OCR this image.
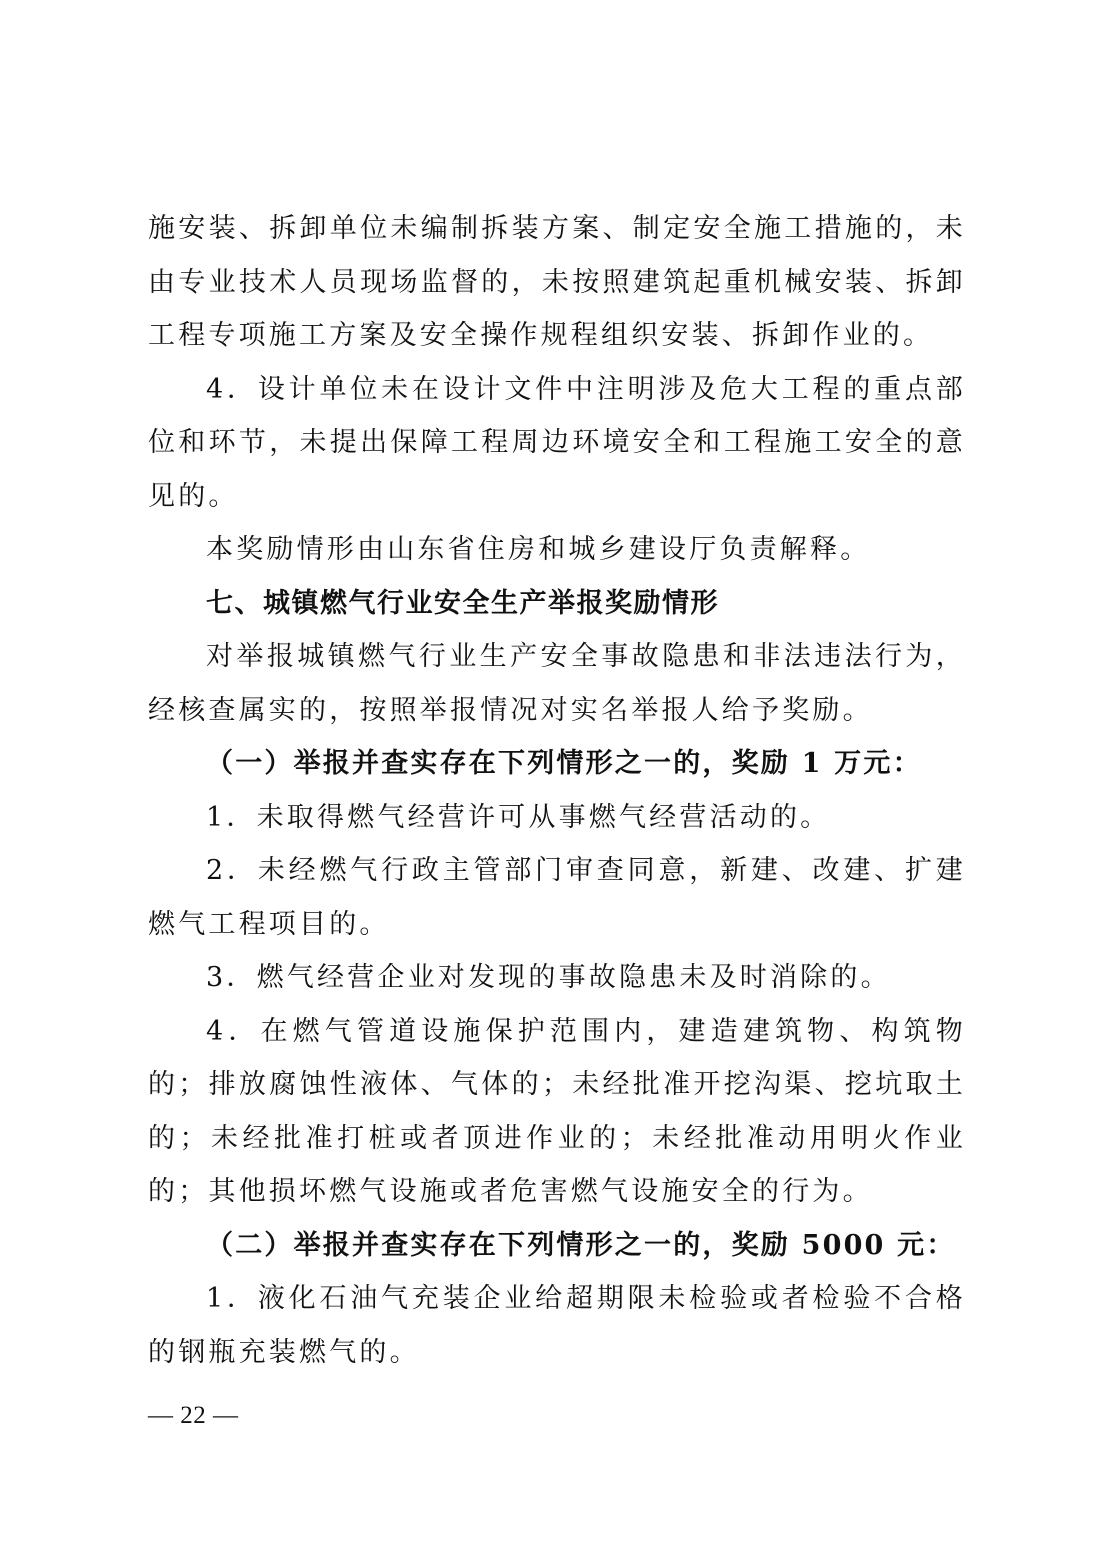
施安装、拆卸单位未编制拆装方案、制定安全施工措施的，未由专业技术人员现场监督的，未按照建筑起重机械安装、拆卸工程专项施工方案及安全操作规程组织安装、拆卸作业的。

4．设计单位未在设计文件中注明涉及危大工程的重点部位和环节，未提出保障工程周边环境安全和工程施工安全的意见的。

本奖励情形由山东省住房和城乡建设厅负责解释。

七、城镇燃气行业安全生产举报奖励情形

对举报城镇燃气行业生产安全事故隐患和非法违法行为，经核查属实的，按照举报情况对实名举报人给予奖励。

（一）举报并查实存在下列情形之一的，奖励 1 万元：

1．未取得燃气经营许可从事燃气经营活动的。

2．未经燃气行政主管部门审查同意，新建、改建、扩建燃气工程项目的。

3．燃气经营企业对发现的事故隐患未及时消除的。

4．在燃气管道设施保护范围内，建造建筑物、构筑物的；排放腐蚀性液体、气体的；未经批准开挖沟渠、挖坑取土的；未经批准打桩或者顶进作业的；未经批准动用明火作业的；其他损坏燃气设施或者危害燃气设施安全的行为。

（二）举报并查实存在下列情形之一的，奖励 5000 元：

1．液化石油气充装企业给超期限未检验或者检验不合格的钢瓶充装燃气的。

— 22 —
